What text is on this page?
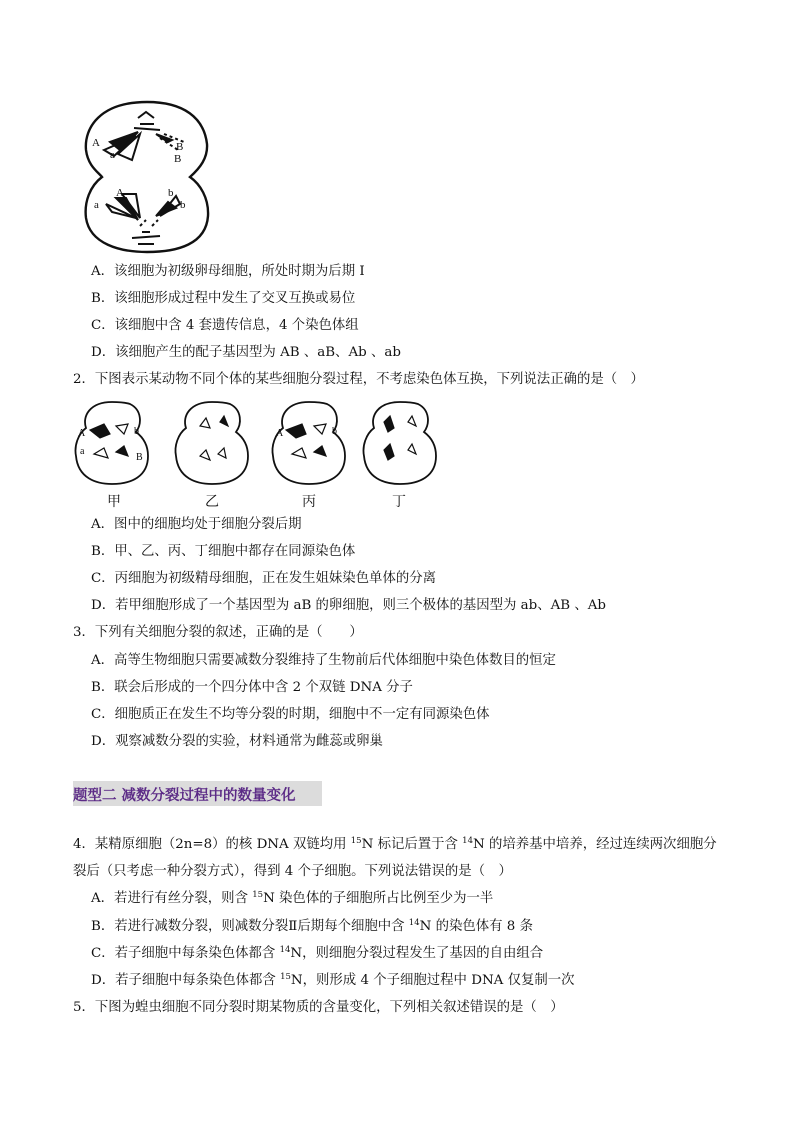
A
a
B
B
A
a
b
b
A．该细胞为初级卵母细胞，所处时期为后期 I
B．该细胞形成过程中发生了交叉互换或易位
C．该细胞中含 4 套遗传信息，4 个染色体组
D．该细胞产生的配子基因型为 AB 、aB、Ab 、ab
2．下图表示某动物不同个体的某些细胞分裂过程，不考虑染色体互换，下列说法正确的是（　）
A
a
B
b	A	b
甲	乙	丙	丁
A．图中的细胞均处于细胞分裂后期
B．甲、乙、丙、丁细胞中都存在同源染色体
C．丙细胞为初级精母细胞，正在发生姐妹染色单体的分离
D．若甲细胞形成了一个基因型为 aB 的卵细胞，则三个极体的基因型为 ab、AB 、Ab
3．下列有关细胞分裂的叙述，正确的是（　　）
A．高等生物细胞只需要减数分裂维持了生物前后代体细胞中染色体数目的恒定
B．联会后形成的一个四分体中含 2 个双链 DNA 分子
C．细胞质正在发生不均等分裂的时期，细胞中不一定有同源染色体
D．观察减数分裂的实验，材料通常为雌蕊或卵巢
题型二 减数分裂过程中的数量变化
4．某精原细胞（2n=8）的核 DNA 双链均用 $^{15}$N 标记后置于含 $^{14}$N 的培养基中培养，经过连续两次细胞分
裂后（只考虑一种分裂方式），得到 4 个子细胞。下列说法错误的是（　）
A．若进行有丝分裂，则含 $^{15}$N 染色体的子细胞所占比例至少为一半
B．若进行减数分裂，则减数分裂Ⅱ后期每个细胞中含 $^{14}$N 的染色体有 8 条
C．若子细胞中每条染色体都含 $^{14}$N，则细胞分裂过程发生了基因的自由组合
D．若子细胞中每条染色体都含 $^{15}$N，则形成 4 个子细胞过程中 DNA 仅复制一次
5．下图为蝗虫细胞不同分裂时期某物质的含量变化，下列相关叙述错误的是（　）
